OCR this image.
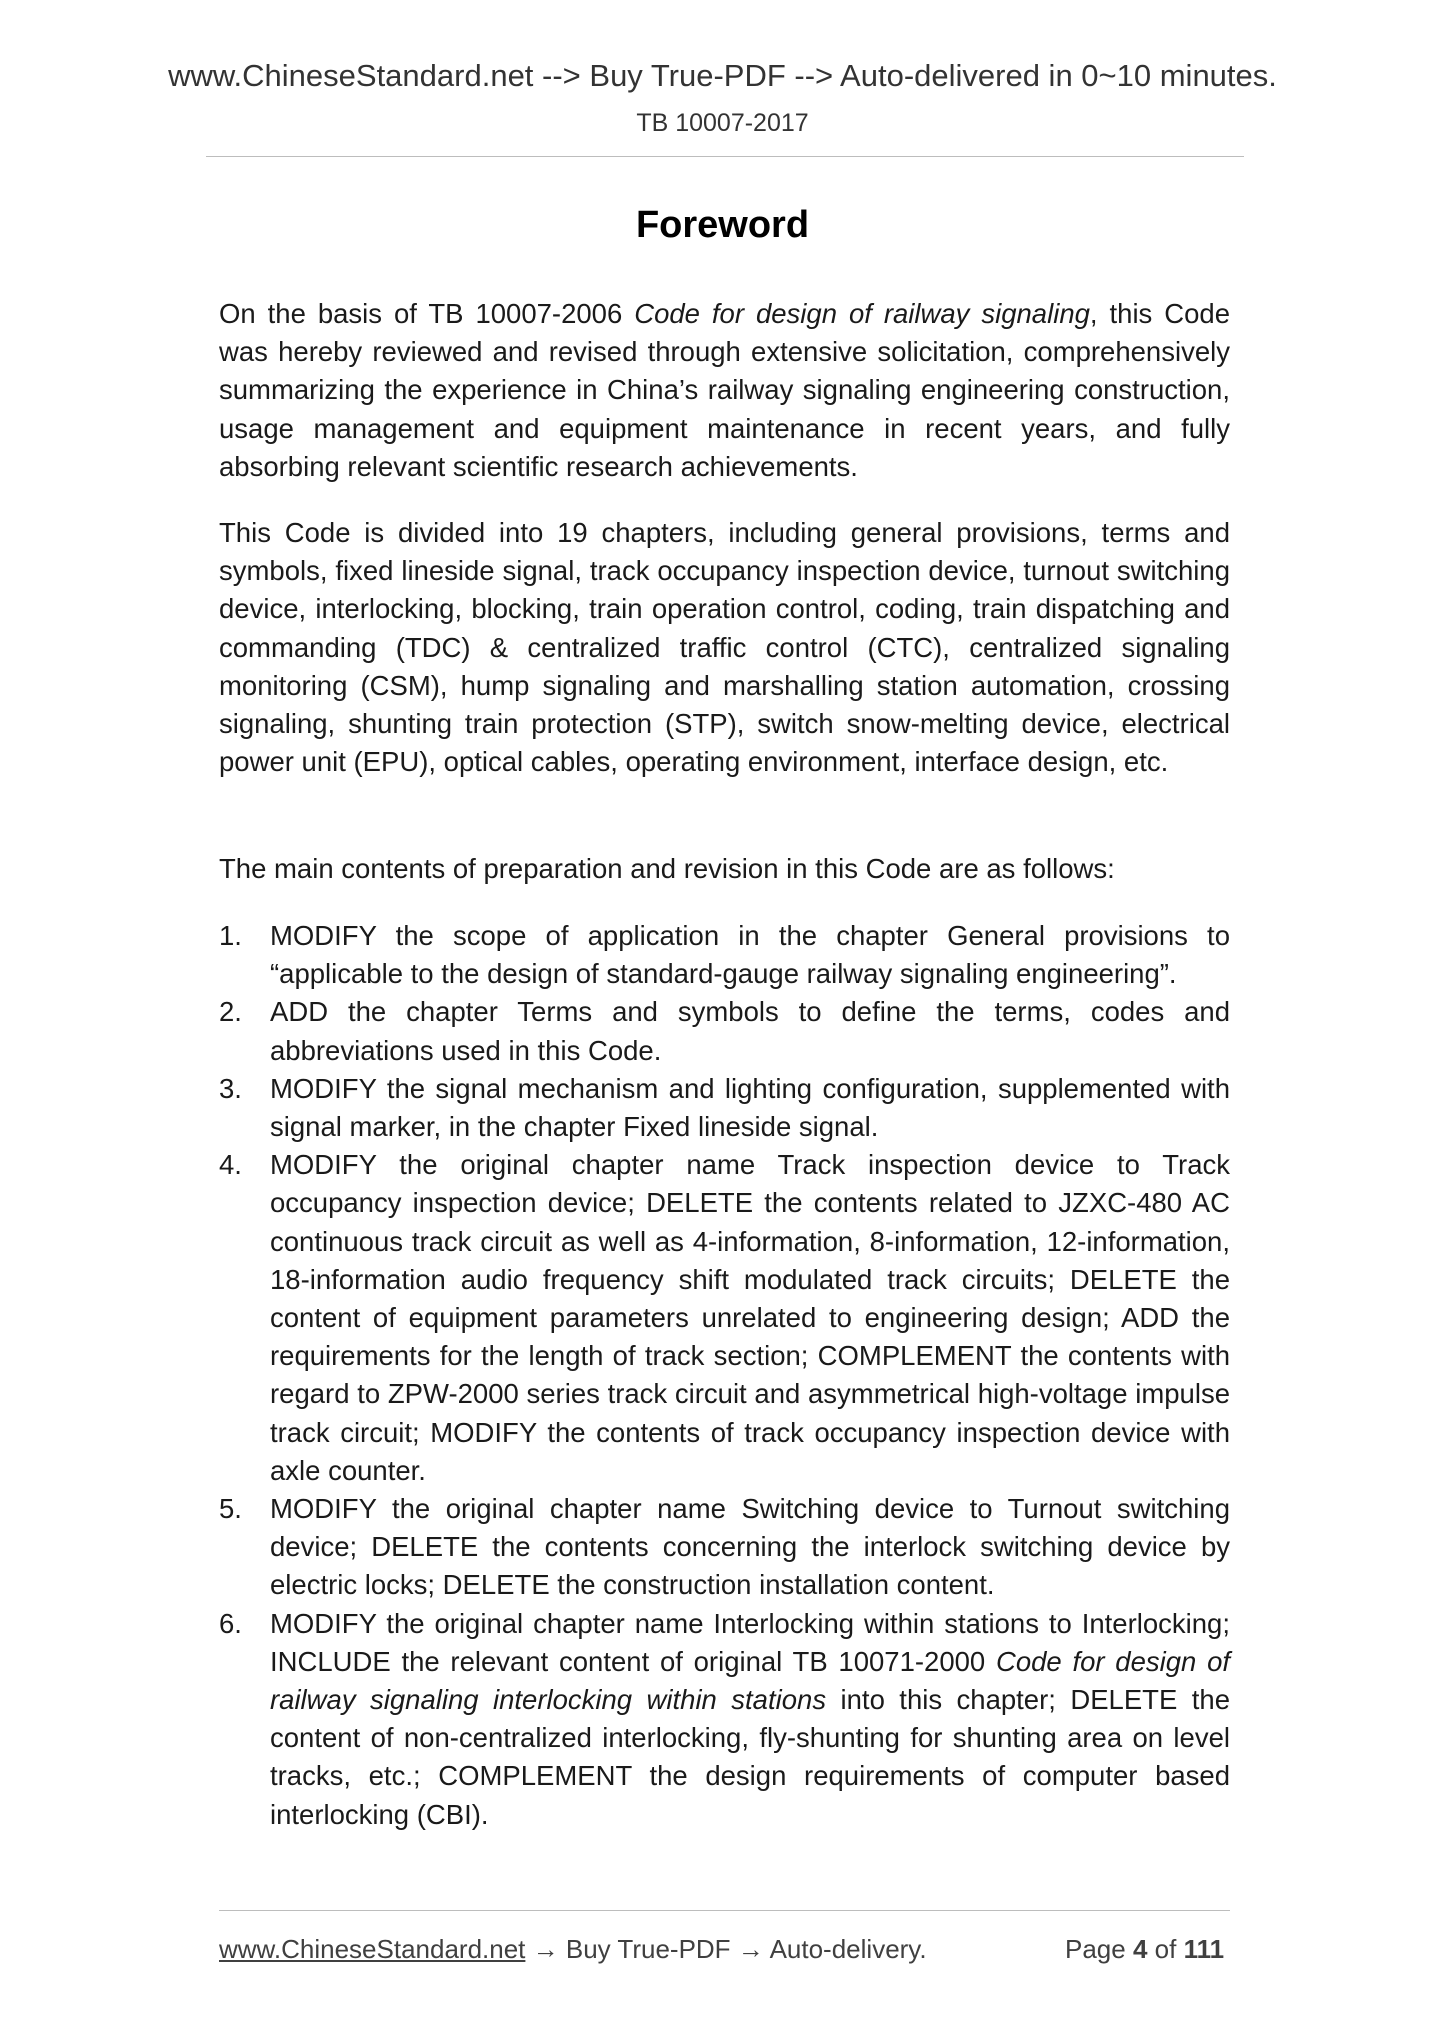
www.ChineseStandard.net --> Buy True-PDF --> Auto-delivered in 0~10 minutes.
TB 10007-2017
Foreword
On the basis of TB 10007-2006 Code for design of railway signaling, this Code was hereby reviewed and revised through extensive solicitation, comprehensively summarizing the experience in China’s railway signaling engineering construction, usage management and equipment maintenance in recent years, and fully absorbing relevant scientific research achievements.
This Code is divided into 19 chapters, including general provisions, terms and symbols, fixed lineside signal, track occupancy inspection device, turnout switching device, interlocking, blocking, train operation control, coding, train dispatching and commanding (TDC) & centralized traffic control (CTC), centralized signaling monitoring (CSM), hump signaling and marshalling station automation, crossing signaling, shunting train protection (STP), switch snow-melting device, electrical power unit (EPU), optical cables, operating environment, interface design, etc.
The main contents of preparation and revision in this Code are as follows:
1. MODIFY the scope of application in the chapter General provisions to “applicable to the design of standard-gauge railway signaling engineering”.
2. ADD the chapter Terms and symbols to define the terms, codes and abbreviations used in this Code.
3. MODIFY the signal mechanism and lighting configuration, supplemented with signal marker, in the chapter Fixed lineside signal.
4. MODIFY the original chapter name Track inspection device to Track occupancy inspection device; DELETE the contents related to JZXC-480 AC continuous track circuit as well as 4-information, 8-information, 12-information, 18-information audio frequency shift modulated track circuits; DELETE the content of equipment parameters unrelated to engineering design; ADD the requirements for the length of track section; COMPLEMENT the contents with regard to ZPW-2000 series track circuit and asymmetrical high-voltage impulse track circuit; MODIFY the contents of track occupancy inspection device with axle counter.
5. MODIFY the original chapter name Switching device to Turnout switching device; DELETE the contents concerning the interlock switching device by electric locks; DELETE the construction installation content.
6. MODIFY the original chapter name Interlocking within stations to Interlocking; INCLUDE the relevant content of original TB 10071-2000 Code for design of railway signaling interlocking within stations into this chapter; DELETE the content of non-centralized interlocking, fly-shunting for shunting area on level tracks, etc.; COMPLEMENT the design requirements of computer based interlocking (CBI).
www.ChineseStandard.net → Buy True-PDF → Auto-delivery.	Page 4 of 111
